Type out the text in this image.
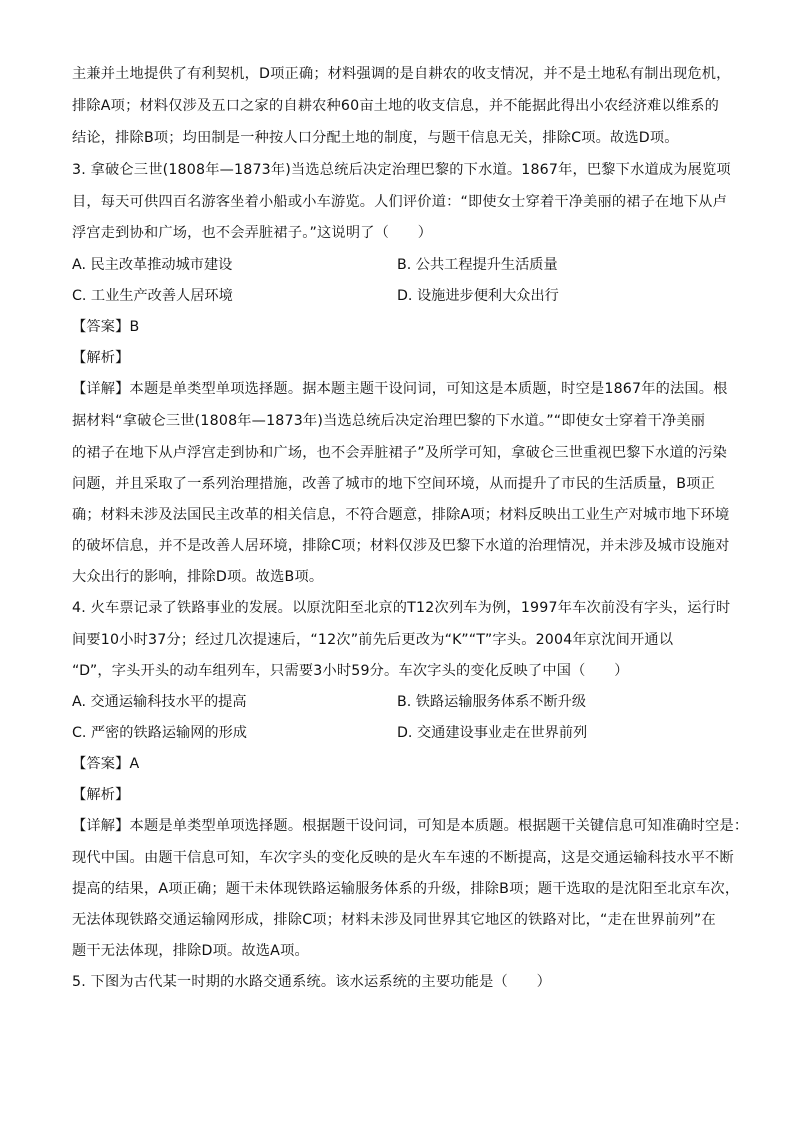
主兼并土地提供了有利契机，D项正确；材料强调的是自耕农的收支情况，并不是土地私有制出现危机，
排除A项；材料仅涉及五口之家的自耕农种60亩土地的收支信息，并不能据此得出小农经济难以维系的
结论，排除B项；均田制是一种按人口分配土地的制度，与题干信息无关，排除C项。故选D项。
3. 拿破仑三世(1808年—1873年)当选总统后决定治理巴黎的下水道。1867年，巴黎下水道成为展览项
目，每天可供四百名游客坐着小船或小车游览。人们评价道：“即使女士穿着干净美丽的裙子在地下从卢
浮宫走到协和广场，也不会弄脏裙子。”这说明了（　　）
A. 民主改革推动城市建设	B. 公共工程提升生活质量
C. 工业生产改善人居环境	D. 设施进步便利大众出行
【答案】B
【解析】
【详解】本题是单类型单项选择题。据本题主题干设问词，可知这是本质题，时空是1867年的法国。根
据材料“拿破仑三世(1808年—1873年)当选总统后决定治理巴黎的下水道。”“即使女士穿着干净美丽
的裙子在地下从卢浮宫走到协和广场，也不会弄脏裙子”及所学可知，拿破仑三世重视巴黎下水道的污染
问题，并且采取了一系列治理措施，改善了城市的地下空间环境，从而提升了市民的生活质量，B项正
确；材料未涉及法国民主改革的相关信息，不符合题意，排除A项；材料反映出工业生产对城市地下环境
的破坏信息，并不是改善人居环境，排除C项；材料仅涉及巴黎下水道的治理情况，并未涉及城市设施对
大众出行的影响，排除D项。故选B项。
4. 火车票记录了铁路事业的发展。以原沈阳至北京的T12次列车为例，1997年车次前没有字头，运行时
间要10小时37分；经过几次提速后，“12次”前先后更改为“K”“T”字头。2004年京沈间开通以
“D”，字头开头的动车组列车，只需要3小时59分。车次字头的变化反映了中国（　　）
A. 交通运输科技水平的提高	B. 铁路运输服务体系不断升级
C. 严密的铁路运输网的形成	D. 交通建设事业走在世界前列
【答案】A
【解析】
【详解】本题是单类型单项选择题。根据题干设问词，可知是本质题。根据题干关键信息可知准确时空是：
现代中国。由题干信息可知，车次字头的变化反映的是火车车速的不断提高，这是交通运输科技水平不断
提高的结果，A项正确；题干未体现铁路运输服务体系的升级，排除B项；题干选取的是沈阳至北京车次，
无法体现铁路交通运输网形成，排除C项；材料未涉及同世界其它地区的铁路对比，“走在世界前列”在
题干无法体现，排除D项。故选A项。
5. 下图为古代某一时期的水路交通系统。该水运系统的主要功能是（　　）
